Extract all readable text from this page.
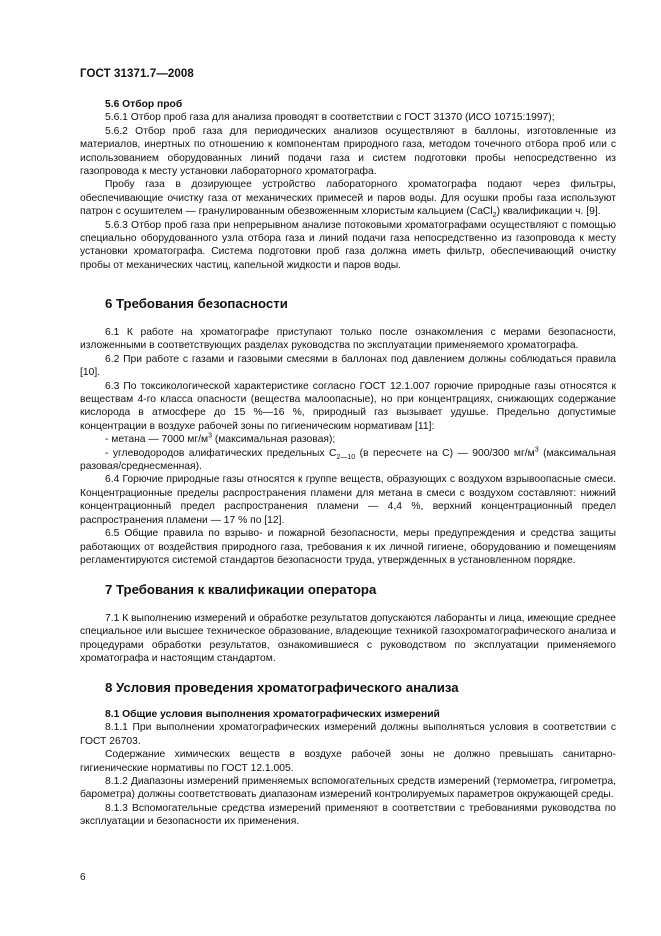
ГОСТ 31371.7—2008

5.6 Отбор проб

5.6.1 Отбор проб газа для анализа проводят в соответствии с ГОСТ 31370 (ИСО 10715:1997);

5.6.2 Отбор проб газа для периодических анализов осуществляют в баллоны, изготовленные из материалов, инертных по отношению к компонентам природного газа, методом точечного отбора проб или с использованием оборудованных линий подачи газа и систем подготовки пробы непосредственно из газопровода к месту установки лабораторного хроматографа.

Пробу газа в дозирующее устройство лабораторного хроматографа подают через фильтры, обеспечивающие очистку газа от механических примесей и паров воды. Для осушки пробы газа используют патрон с осушителем — гранулированным обезвоженным хлористым кальцием (CaCl$_2$) квалификации ч. [9].

5.6.3 Отбор проб газа при непрерывном анализе потоковыми хроматографами осуществляют с помощью специально оборудованного узла отбора газа и линий подачи газа непосредственно из газопровода к месту установки хроматографа. Система подготовки проб газа должна иметь фильтр, обеспечивающий очистку пробы от механических частиц, капельной жидкости и паров воды.

6 Требования безопасности

6.1 К работе на хроматографе приступают только после ознакомления с мерами безопасности, изложенными в соответствующих разделах руководства по эксплуатации применяемого хроматографа.

6.2 При работе с газами и газовыми смесями в баллонах под давлением должны соблюдаться правила [10].

6.3 По токсикологической характеристике согласно ГОСТ 12.1.007 горючие природные газы относятся к веществам 4-го класса опасности (вещества малоопасные), но при концентрациях, снижающих содержание кислорода в атмосфере до 15 %—16 %, природный газ вызывает удушье. Предельно допустимые концентрации в воздухе рабочей зоны по гигиеническим нормативам [11]:

- метана — 7000 $мг/м^3$ (максимальная разовая);

- углеводородов алифатических предельных $C_{2—10}$ (в пересчете на C) — 900/300 $мг/м^3$ (максимальная разовая/среднесменная).

6.4 Горючие природные газы относятся к группе веществ, образующих с воздухом взрывоопасные смеси. Концентрационные пределы распространения пламени для метана в смеси с воздухом составляют: нижний концентрационный предел распространения пламени — 4,4 %, верхний концентрационный предел распространения пламени — 17 % по [12].

6.5 Общие правила по взрыво- и пожарной безопасности, меры предупреждения и средства защиты работающих от воздействия природного газа, требования к их личной гигиене, оборудованию и помещениям регламентируются системой стандартов безопасности труда, утвержденных в установленном порядке.

7 Требования к квалификации оператора

7.1 К выполнению измерений и обработке результатов допускаются лаборанты и лица, имеющие среднее специальное или высшее техническое образование, владеющие техникой газохроматографического анализа и процедурами обработки результатов, ознакомившиеся с руководством по эксплуатации применяемого хроматографа и настоящим стандартом.

8 Условия проведения хроматографического анализа

8.1 Общие условия выполнения хроматографических измерений

8.1.1 При выполнении хроматографических измерений должны выполняться условия в соответствии с ГОСТ 26703.

Содержание химических веществ в воздухе рабочей зоны не должно превышать санитарно-гигиенические нормативы по ГОСТ 12.1.005.

8.1.2 Диапазоны измерений применяемых вспомогательных средств измерений (термометра, гигрометра, барометра) должны соответствовать диапазонам измерений контролируемых параметров окружающей среды.

8.1.3 Вспомогательные средства измерений применяют в соответствии с требованиями руководства по эксплуатации и безопасности их применения.

6
